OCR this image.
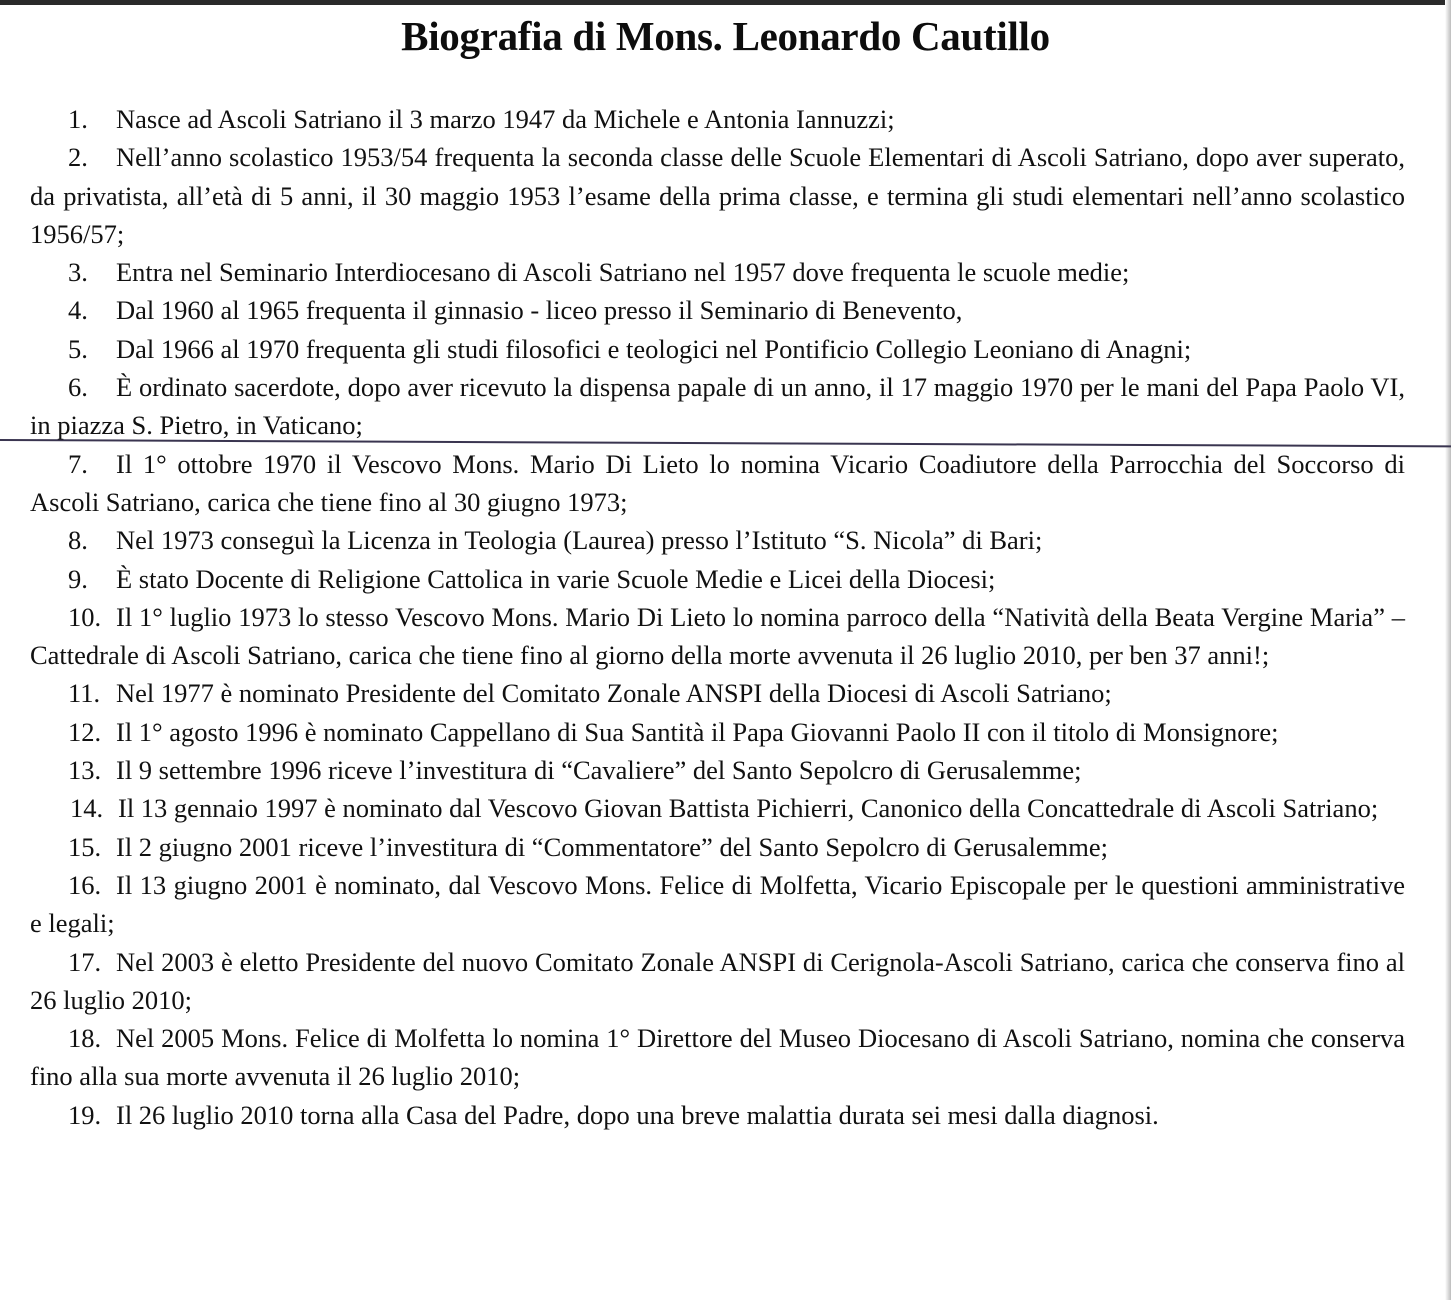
Biografia di Mons. Leonardo Cautillo
1. Nasce ad Ascoli Satriano il 3 marzo 1947 da Michele e Antonia Iannuzzi;
2. Nell’anno scolastico 1953/54 frequenta la seconda classe delle Scuole Elementari di Ascoli Satriano, dopo aver superato, da privatista, all’età di 5 anni, il 30 maggio 1953 l’esame della prima classe, e termina gli studi elementari nell’anno scolastico 1956/57;
3. Entra nel Seminario Interdiocesano di Ascoli Satriano nel 1957 dove frequenta le scuole medie;
4. Dal 1960 al 1965 frequenta il ginnasio - liceo presso il Seminario di Benevento,
5. Dal 1966 al 1970 frequenta gli studi filosofici e teologici nel Pontificio Collegio Leoniano di Anagni;
6. È ordinato sacerdote, dopo aver ricevuto la dispensa papale di un anno, il 17 maggio 1970 per le mani del Papa Paolo VI, in piazza S. Pietro, in Vaticano;
7. Il 1° ottobre 1970 il Vescovo Mons. Mario Di Lieto lo nomina Vicario Coadiutore della Parrocchia del Soccorso di Ascoli Satriano, carica che tiene fino al 30 giugno 1973;
8. Nel 1973 conseguì la Licenza in Teologia (Laurea) presso l’Istituto “S. Nicola” di Bari;
9. È stato Docente di Religione Cattolica in varie Scuole Medie e Licei della Diocesi;
10. Il 1° luglio 1973 lo stesso Vescovo Mons. Mario Di Lieto lo nomina parroco della “Natività della Beata Vergine Maria” – Cattedrale di Ascoli Satriano, carica che tiene fino al giorno della morte avvenuta il 26 luglio 2010, per ben 37 anni!;
11. Nel 1977 è nominato Presidente del Comitato Zonale ANSPI della Diocesi di Ascoli Satriano;
12. Il 1° agosto 1996 è nominato Cappellano di Sua Santità il Papa Giovanni Paolo II con il titolo di Monsignore;
13. Il 9 settembre 1996 riceve l’investitura di “Cavaliere” del Santo Sepolcro di Gerusalemme;
14. Il 13 gennaio 1997 è nominato dal Vescovo Giovan Battista Pichierri, Canonico della Concattedrale di Ascoli Satriano;
15. Il 2 giugno 2001 riceve l’investitura di “Commentatore” del Santo Sepolcro di Gerusalemme;
16. Il 13 giugno 2001 è nominato, dal Vescovo Mons. Felice di Molfetta, Vicario Episcopale per le questioni amministrative e legali;
17. Nel 2003 è eletto Presidente del nuovo Comitato Zonale ANSPI di Cerignola-Ascoli Satriano, carica che conserva fino al 26 luglio 2010;
18. Nel 2005 Mons. Felice di Molfetta lo nomina 1° Direttore del Museo Diocesano di Ascoli Satriano, nomina che conserva fino alla sua morte avvenuta il 26 luglio 2010;
19. Il 26 luglio 2010 torna alla Casa del Padre, dopo una breve malattia durata sei mesi dalla diagnosi.
